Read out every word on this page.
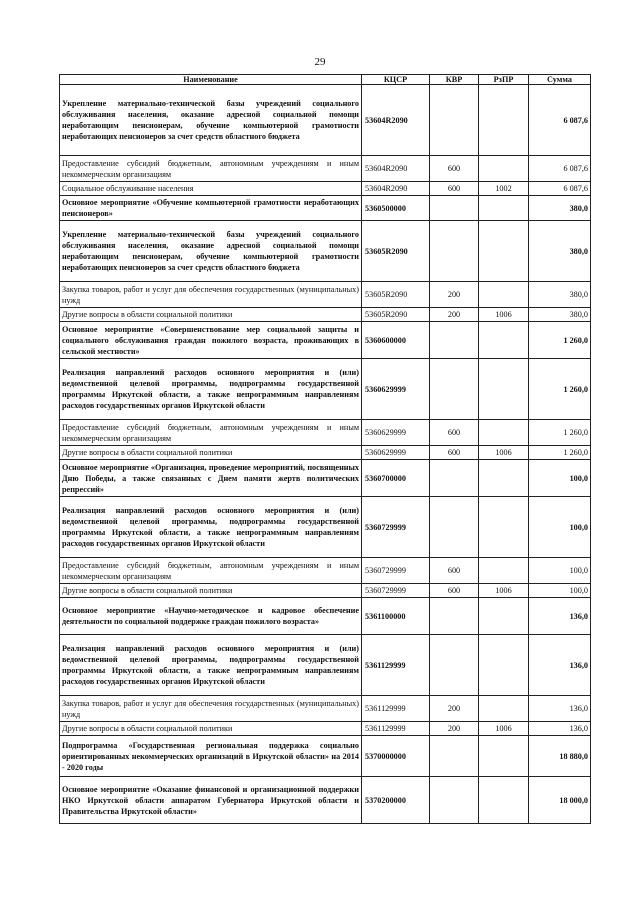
29
Наименование	КЦСР	КВР	РзПР	Сумма
Укрепление материально-технической базы учреждений социального обслуживания населения, оказание адресной социальной помощи неработающим пенсионерам, обучение компьютерной грамотности неработающих пенсионеров за счет средств областного бюджета	53604R2090			6 087,6
Предоставление субсидий бюджетным, автономным учреждениям и иным некоммерческим организациям	53604R2090	600		6 087,6
Социальное обслуживание населения	53604R2090	600	1002	6 087,6
Основное мероприятие «Обучение компьютерной грамотности неработающих пенсионеров»	5360500000			380,0
Укрепление материально-технической базы учреждений социального обслуживания населения, оказание адресной социальной помощи неработающим пенсионерам, обучение компьютерной грамотности неработающих пенсионеров за счет средств областного бюджета	53605R2090			380,0
Закупка товаров, работ и услуг для обеспечения государственных (муниципальных) нужд	53605R2090	200		380,0
Другие вопросы в области социальной политики	53605R2090	200	1006	380,0
Основное мероприятие «Совершенствование мер социальной защиты и социального обслуживания граждан пожилого возраста, проживающих в сельской местности»	5360600000			1 260,0
Реализация направлений расходов основного мероприятия и (или) ведомственной целевой программы, подпрограммы государственной программы Иркутской области, а также непрограммным направлениям расходов государственных органов Иркутской области	5360629999			1 260,0
Предоставление субсидий бюджетным, автономным учреждениям и иным некоммерческим организациям	5360629999	600		1 260,0
Другие вопросы в области социальной политики	5360629999	600	1006	1 260,0
Основное мероприятие «Организация, проведение мероприятий, посвященных Дню Победы, а также связанных с Днем памяти жертв политических репрессий»	5360700000			100,0
Реализация направлений расходов основного мероприятия и (или) ведомственной целевой программы, подпрограммы государственной программы Иркутской области, а также непрограммным направлениям расходов государственных органов Иркутской области	5360729999			100,0
Предоставление субсидий бюджетным, автономным учреждениям и иным некоммерческим организациям	5360729999	600		100,0
Другие вопросы в области социальной политики	5360729999	600	1006	100,0
Основное мероприятие «Научно-методическое и кадровое обеспечение деятельности по социальной поддержке граждан пожилого возраста»	5361100000			136,0
Реализация направлений расходов основного мероприятия и (или) ведомственной целевой программы, подпрограммы государственной программы Иркутской области, а также непрограммным направлениям расходов государственных органов Иркутской области	5361129999			136,0
Закупка товаров, работ и услуг для обеспечения государственных (муниципальных) нужд	5361129999	200		136,0
Другие вопросы в области социальной политики	5361129999	200	1006	136,0
Подпрограмма «Государственная региональная поддержка социально ориентированных некоммерческих организаций в Иркутской области» на 2014 - 2020 годы	5370000000			18 880,0
Основное мероприятие «Оказание финансовой и организационной поддержки НКО Иркутской области аппаратом Губернатора Иркутской области и Правительства Иркутской области»	5370200000			18 000,0
